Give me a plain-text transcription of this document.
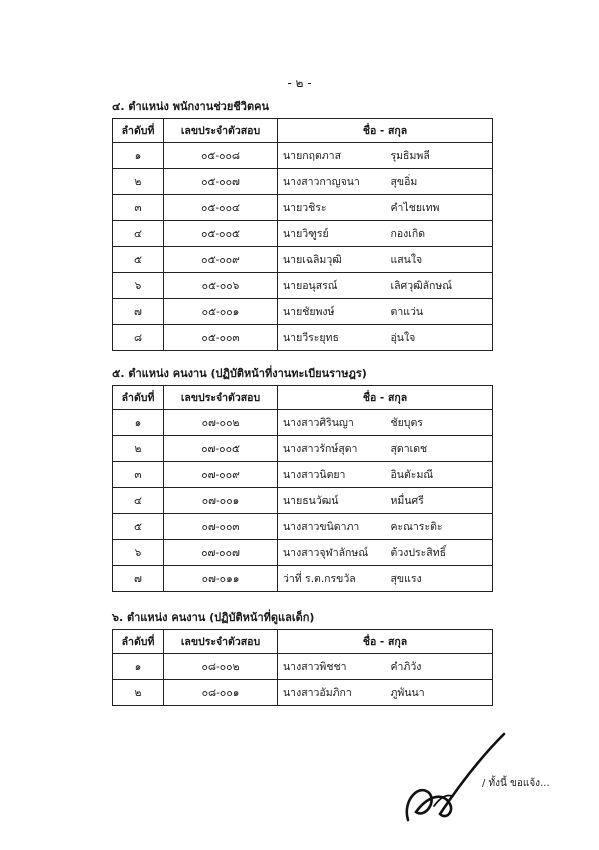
- ๒ -
๔. ตำแหน่ง พนักงานช่วยชีวิตคน
ลำดับที่	เลขประจำตัวสอบ	ชื่อ - สกุล	
๑	๐๕-๐๐๘	นายกฤตภาส	รุมธิมพลี
๒	๐๕-๐๐๗	นางสาวกาญจนา	สุขอิ่ม
๓	๐๕-๐๐๔	นายวชิระ	คำไชยเทพ
๔	๐๕-๐๐๕	นายวิฑูรย์	กองเกิด
๕	๐๕-๐๐๙	นายเฉลิมวุฒิ	แสนใจ
๖	๐๕-๐๐๖	นายอนุสรณ์	เลิศวุฒิลักษณ์
๗	๐๕-๐๐๑	นายชัยพงษ์	ตาแว่น
๘	๐๕-๐๐๓	นายวีระยุทธ	อุ่นใจ
๕. ตำแหน่ง คนงาน (ปฏิบัติหน้าที่งานทะเบียนราษฎร)
ลำดับที่	เลขประจำตัวสอบ	ชื่อ - สกุล	
๑	๐๗-๐๐๒	นางสาวศิรินญา	ชัยบุตร
๒	๐๗-๐๐๕	นางสาวรักษ์สุดา	สุดาเดช
๓	๐๗-๐๐๙	นางสาวนิตยา	อินตัะมณี
๔	๐๗-๐๐๑	นายธนวัฒน์	หมื่นศรี
๕	๐๗-๐๐๓	นางสาวขนิดาภา	คะณาระติะ
๖	๐๗-๐๐๗	นางสาวจุฬาลักษณ์	ต้วงประสิทธิ์
๗	๐๗-๐๑๑	ว่าที่ ร.ต.กรขวัล	สุขแรง
๖. ตำแหน่ง คนงาน (ปฏิบัติหน้าที่ดูแลเด็ก)
ลำดับที่	เลขประจำตัวสอบ	ชื่อ - สกุล	
๑	๐๘-๐๐๒	นางสาวพิชชา	คำภิวัง
๒	๐๘-๐๐๑	นางสาวอัมภิกา	ภูพันนา
/ ทั้งนี้ ขอแจ้ง...
